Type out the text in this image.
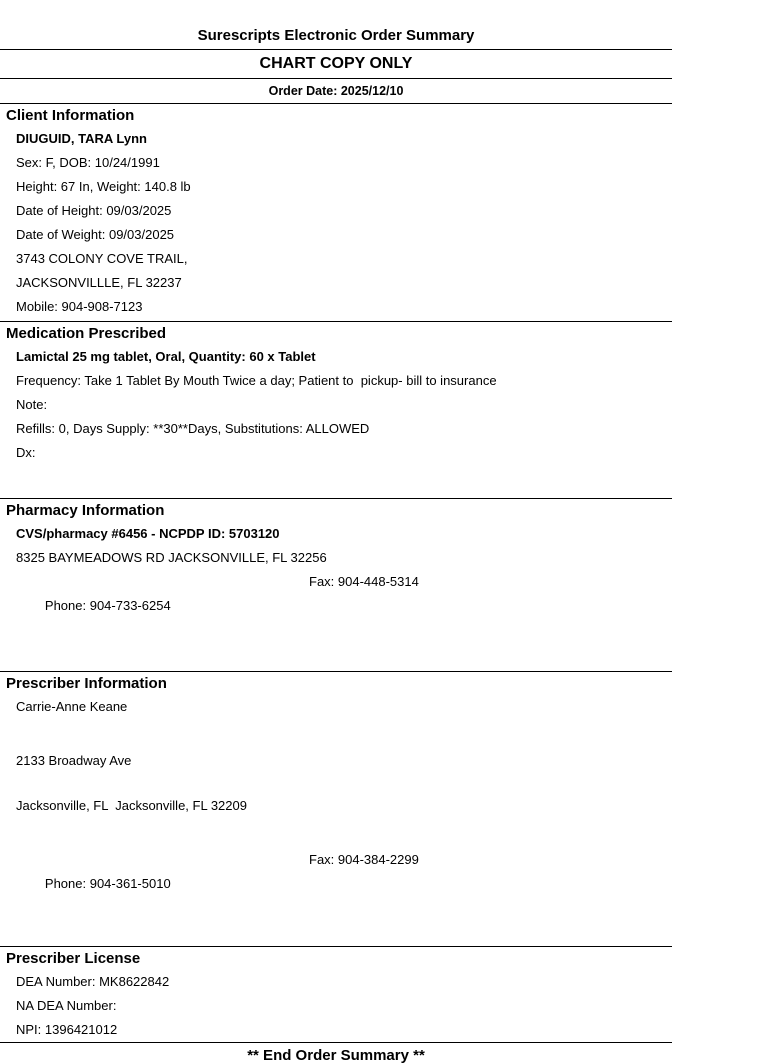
Surescripts Electronic Order Summary
CHART COPY ONLY
Order Date: 2025/12/10
Client Information
DIUGUID, TARA Lynn
Sex: F, DOB: 10/24/1991
Height: 67 In, Weight: 140.8 lb
Date of Height: 09/03/2025
Date of Weight: 09/03/2025
3743 COLONY COVE TRAIL,
JACKSONVILLLE, FL 32237
Mobile: 904-908-7123
Medication Prescribed
Lamictal 25 mg tablet, Oral, Quantity: 60 x Tablet
Frequency: Take 1 Tablet By Mouth Twice a day; Patient to  pickup- bill to insurance
Note:
Refills: 0, Days Supply: **30**Days, Substitutions: ALLOWED
Dx:
Pharmacy Information
CVS/pharmacy #6456 - NCPDP ID: 5703120
8325 BAYMEADOWS RD JACKSONVILLE, FL 32256

Phone: 904-733-6254

Fax: 904-448-5314

Prescriber Information
Carrie-Anne Keane

2133 Broadway Ave

Jacksonville, FL  Jacksonville, FL 32209

Phone: 904-361-5010

Fax: 904-384-2299

Prescriber License
DEA Number: MK8622842
NA DEA Number:
NPI: 1396421012
** End Order Summary **
